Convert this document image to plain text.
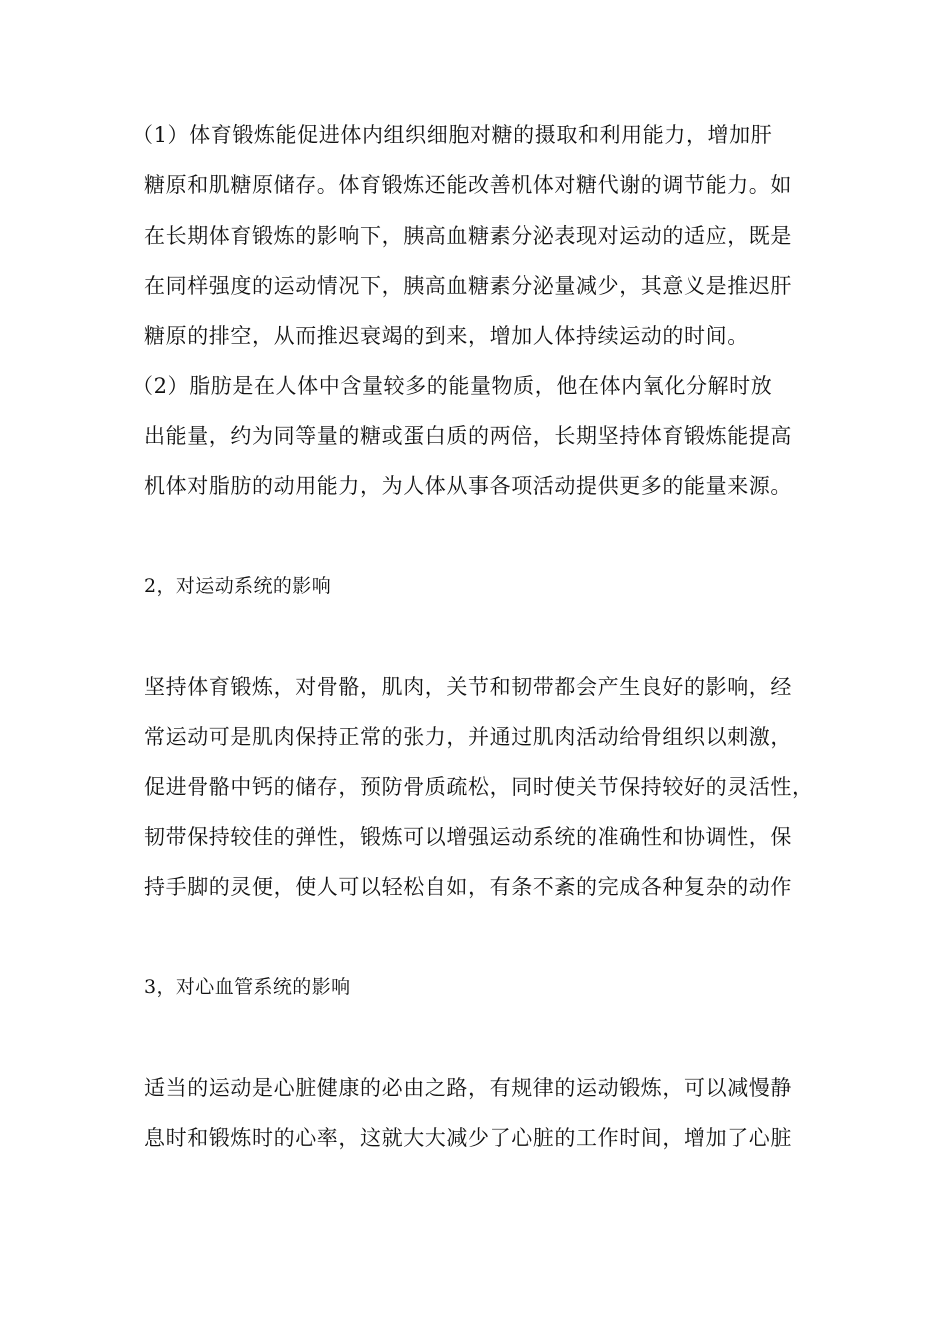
（1）体育锻炼能促进体内组织细胞对糖的摄取和利用能力，增加肝
糖原和肌糖原储存。体育锻炼还能改善机体对糖代谢的调节能力。如
在长期体育锻炼的影响下，胰高血糖素分泌表现对运动的适应，既是
在同样强度的运动情况下，胰高血糖素分泌量减少，其意义是推迟肝
糖原的排空，从而推迟衰竭的到来，增加人体持续运动的时间。
（2）脂肪是在人体中含量较多的能量物质，他在体内氧化分解时放
出能量，约为同等量的糖或蛋白质的两倍，长期坚持体育锻炼能提高
机体对脂肪的动用能力，为人体从事各项活动提供更多的能量来源。
2，对运动系统的影响
坚持体育锻炼，对骨骼，肌肉，关节和韧带都会产生良好的影响，经
常运动可是肌肉保持正常的张力，并通过肌肉活动给骨组织以刺激，
促进骨骼中钙的储存，预防骨质疏松，同时使关节保持较好的灵活性，
韧带保持较佳的弹性，锻炼可以增强运动系统的准确性和协调性，保
持手脚的灵便，使人可以轻松自如，有条不紊的完成各种复杂的动作
3，对心血管系统的影响
适当的运动是心脏健康的必由之路，有规律的运动锻炼，可以减慢静
息时和锻炼时的心率，这就大大减少了心脏的工作时间，增加了心脏
